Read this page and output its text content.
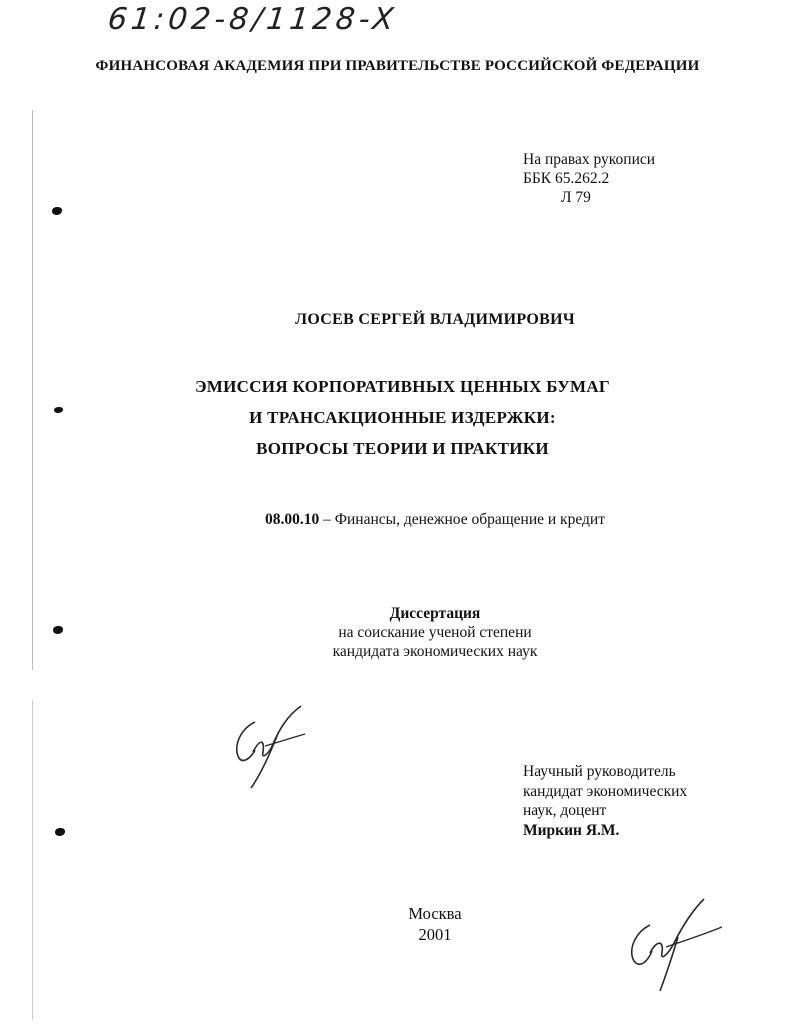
61:02-8/1128-X
ФИНАНСОВАЯ АКАДЕМИЯ ПРИ ПРАВИТЕЛЬСТВЕ РОССИЙСКОЙ ФЕДЕРАЦИИ
На правах рукописи
ББК 65.262.2
Л 79
ЛОСЕВ СЕРГЕЙ ВЛАДИМИРОВИЧ
ЭМИССИЯ КОРПОРАТИВНЫХ ЦЕННЫХ БУМАГ
И ТРАНСАКЦИОННЫЕ ИЗДЕРЖКИ:
ВОПРОСЫ ТЕОРИИ И ПРАКТИКИ
08.00.10 – Финансы, денежное обращение и кредит
Диссертация
на соискание ученой степени
кандидата экономических наук
Научный руководитель
кандидат экономических
наук, доцент
Миркин Я.М.
Москва
2001
